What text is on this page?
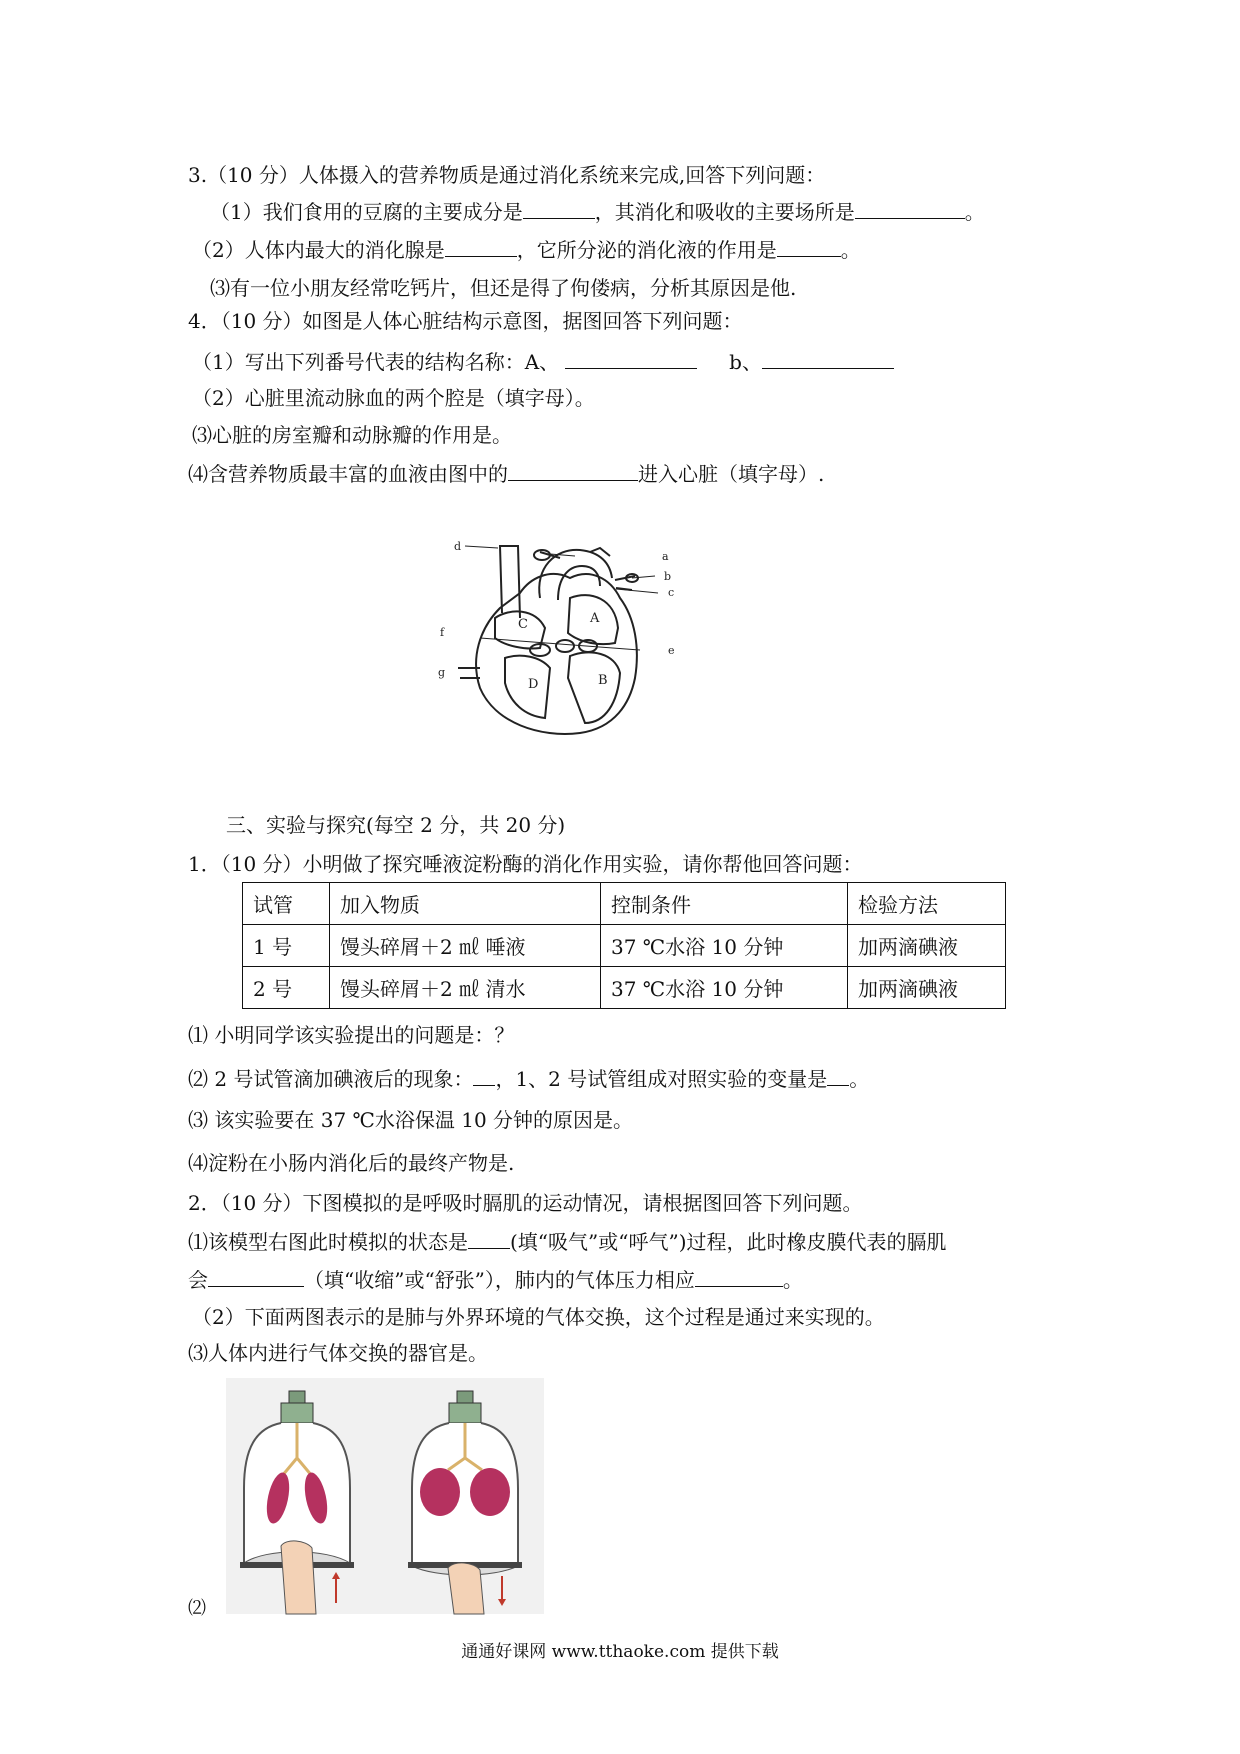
3.（10 分）人体摄入的营养物质是通过消化系统来完成,回答下列问题：
（1）我们食用的豆腐的主要成分是	，其消化和吸收的主要场所是	。
（2）人体内最大的消化腺是	，它所分泌的消化液的作用是	。
⑶有一位小朋友经常吃钙片，但还是得了佝偻病，分析其原因是他.
4．（10 分）如图是人体心脏结构示意图，据图回答下列问题：
（1）写出下列番号代表的结构名称：A、	b、
（2）心脏里流动脉血的两个腔是（填字母）。
⑶心脏的房室瓣和动脉瓣的作用是。
⑷含营养物质最丰富的血液由图中的	进入心脏（填字母）.
d
a
b
c
e
f
g
C	A
D	B
三、实验与探究(每空 2 分，共 20 分)
1．（10 分）小明做了探究唾液淀粉酶的消化作用实验，请你帮他回答问题：
试管	加入物质	控制条件	检验方法
1 号	馒头碎屑＋2 ㎖ 唾液	37 ℃水浴 10 分钟	加两滴碘液
2 号	馒头碎屑＋2 ㎖ 清水	37 ℃水浴 10 分钟	加两滴碘液
⑴ 小明同学该实验提出的问题是：？
⑵ 2 号试管滴加碘液后的现象： ，1、2 号试管组成对照实验的变量是 。
⑶ 该实验要在 37 ℃水浴保温 10 分钟的原因是。
⑷淀粉在小肠内消化后的最终产物是.
2．（10 分）下图模拟的是呼吸时膈肌的运动情况，请根据图回答下列问题。
⑴该模型右图此时模拟的状态是 (填“吸气”或“呼气”)过程，此时橡皮膜代表的膈肌
会	（填“收缩”或“舒张”），肺内的气体压力相应	。
（2）下面两图表示的是肺与外界环境的气体交换，这个过程是通过来实现的。
⑶人体内进行气体交换的器官是。
⑵
通通好课网 www.tthaoke.com 提供下载
